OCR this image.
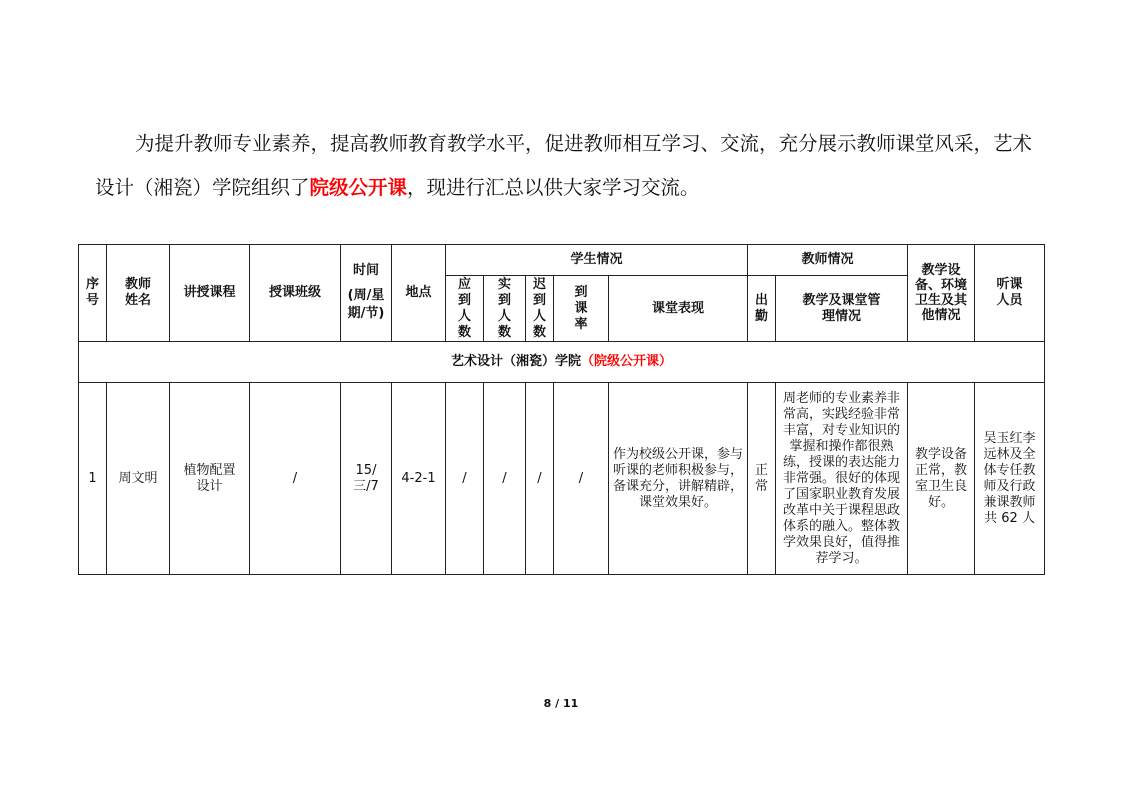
为提升教师专业素养，提高教师教育教学水平，促进教师相互学习、交流，充分展示教师课堂风采，艺术设计（湘瓷）学院组织了院级公开课，现进行汇总以供大家学习交流。

序号	教师姓名	讲授课程	授课班级	时间
(周/星期/节)	地点	学生情况					教师情况		教学设备、环境卫生及其他情况	听课人员

						应到人数	实到人数	迟到人数	到课率	课堂表现	出勤	教学及课堂管理情况		

艺术设计（湘瓷）学院（院级公开课）														
1	周文明	植物配置设计	/	15/三/7	4-2-1	/	/	/	/	作为校级公开课，参与听课的老师积极参与，备课充分，讲解精辟，课堂效果好。	正常	周老师的专业素养非常高，实践经验非常丰富，对专业知识的掌握和操作都很熟练，授课的表达能力非常强。很好的体现了国家职业教育发展改革中关于课程思政体系的融入。整体教学效果良好，值得推荐学习。	教学设备正常，教室卫生良好。	吴玉红李远林及全体专任教师及行政兼课教师共 62 人
8 / 11
